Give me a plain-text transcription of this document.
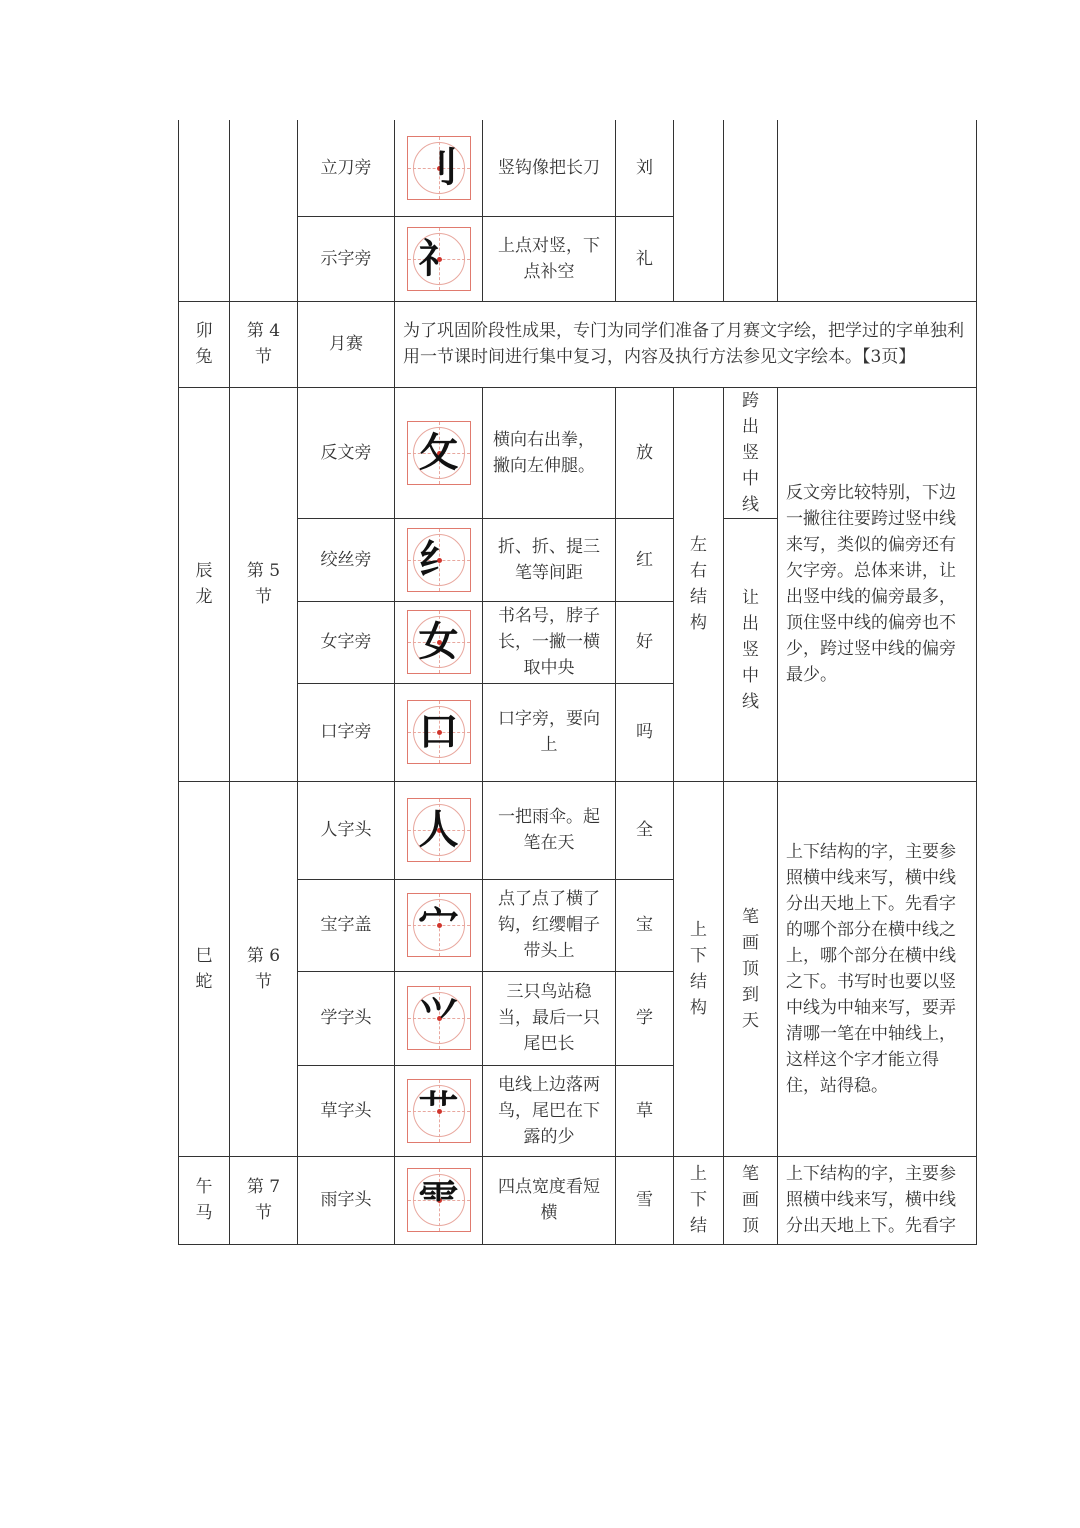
		立刀旁	刂	竖钩像把长刀	刘			
		示字旁	礻	上点对竖，下点补空	礼			
卯兔	第 4 节	月赛	为了巩固阶段性成果，专门为同学们准备了月赛文字绘，把学过的字单独利用一节课时间进行集中复习，内容及执行方法参见文字绘本。【3页】					
辰龙	第 5 节	反文旁	攵	横向右出拳，撇向左伸腿。	放	左右结构	跨出竖中线	反文旁比较特别，下边一撇往往要跨过竖中线来写，类似的偏旁还有欠字旁。总体来讲，让出竖中线的偏旁最多，顶住竖中线的偏旁也不少，跨过竖中线的偏旁最少。
		绞丝旁	纟	折、折、提三笔等间距	红		让出竖中线	
		女字旁	女	书名号，脖子长，一撇一横取中央	好			
		口字旁	口	口字旁，要向上	吗			
巳蛇	第 6 节	人字头	人	一把雨伞。起笔在天	全	上下结构	笔画顶到天	上下结构的字，主要参照横中线来写，横中线分出天地上下。先看字的哪个部分在横中线之上，哪个部分在横中线之下。书写时也要以竖中线为中轴来写，要弄清哪一笔在中轴线上，这样这个字才能立得住，站得稳。
		宝字盖	宀	点了点了横了钩，红缨帽子带头上	宝			
		学字头	⺍	三只鸟站稳当，最后一只尾巴长	学			
		草字头	艹	电线上边落两鸟，尾巴在下露的少	草			
午马	第 7 节	雨字头	⻗	四点宽度看短横	雪	上下结	笔画顶	上下结构的字，主要参照横中线来写，横中线分出天地上下。先看字
